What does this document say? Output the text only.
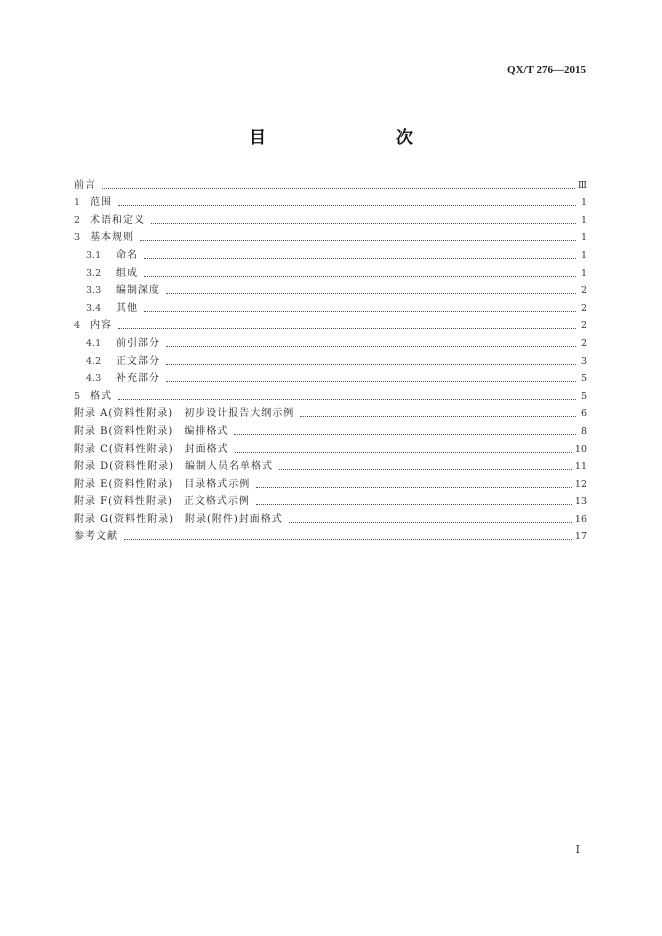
QX/T 276—2015
目　　次
前言	Ⅲ
1 范围	1
2 术语和定义	1
3 基本规则	1
3.1	命名	1
3.2	组成	1
3.3	编制深度	2
3.4	其他	2
4 内容	2
4.1	前引部分	2
4.2	正文部分	3
4.3	补充部分	5
5 格式	5
附录 A(资料性附录)　初步设计报告大纲示例	6
附录 B(资料性附录)　编排格式	8
附录 C(资料性附录)　封面格式	10
附录 D(资料性附录)　编制人员名单格式	11
附录 E(资料性附录)　目录格式示例	12
附录 F(资料性附录)　正文格式示例	13
附录 G(资料性附录)　附录(附件)封面格式	16
参考文献	17
I
